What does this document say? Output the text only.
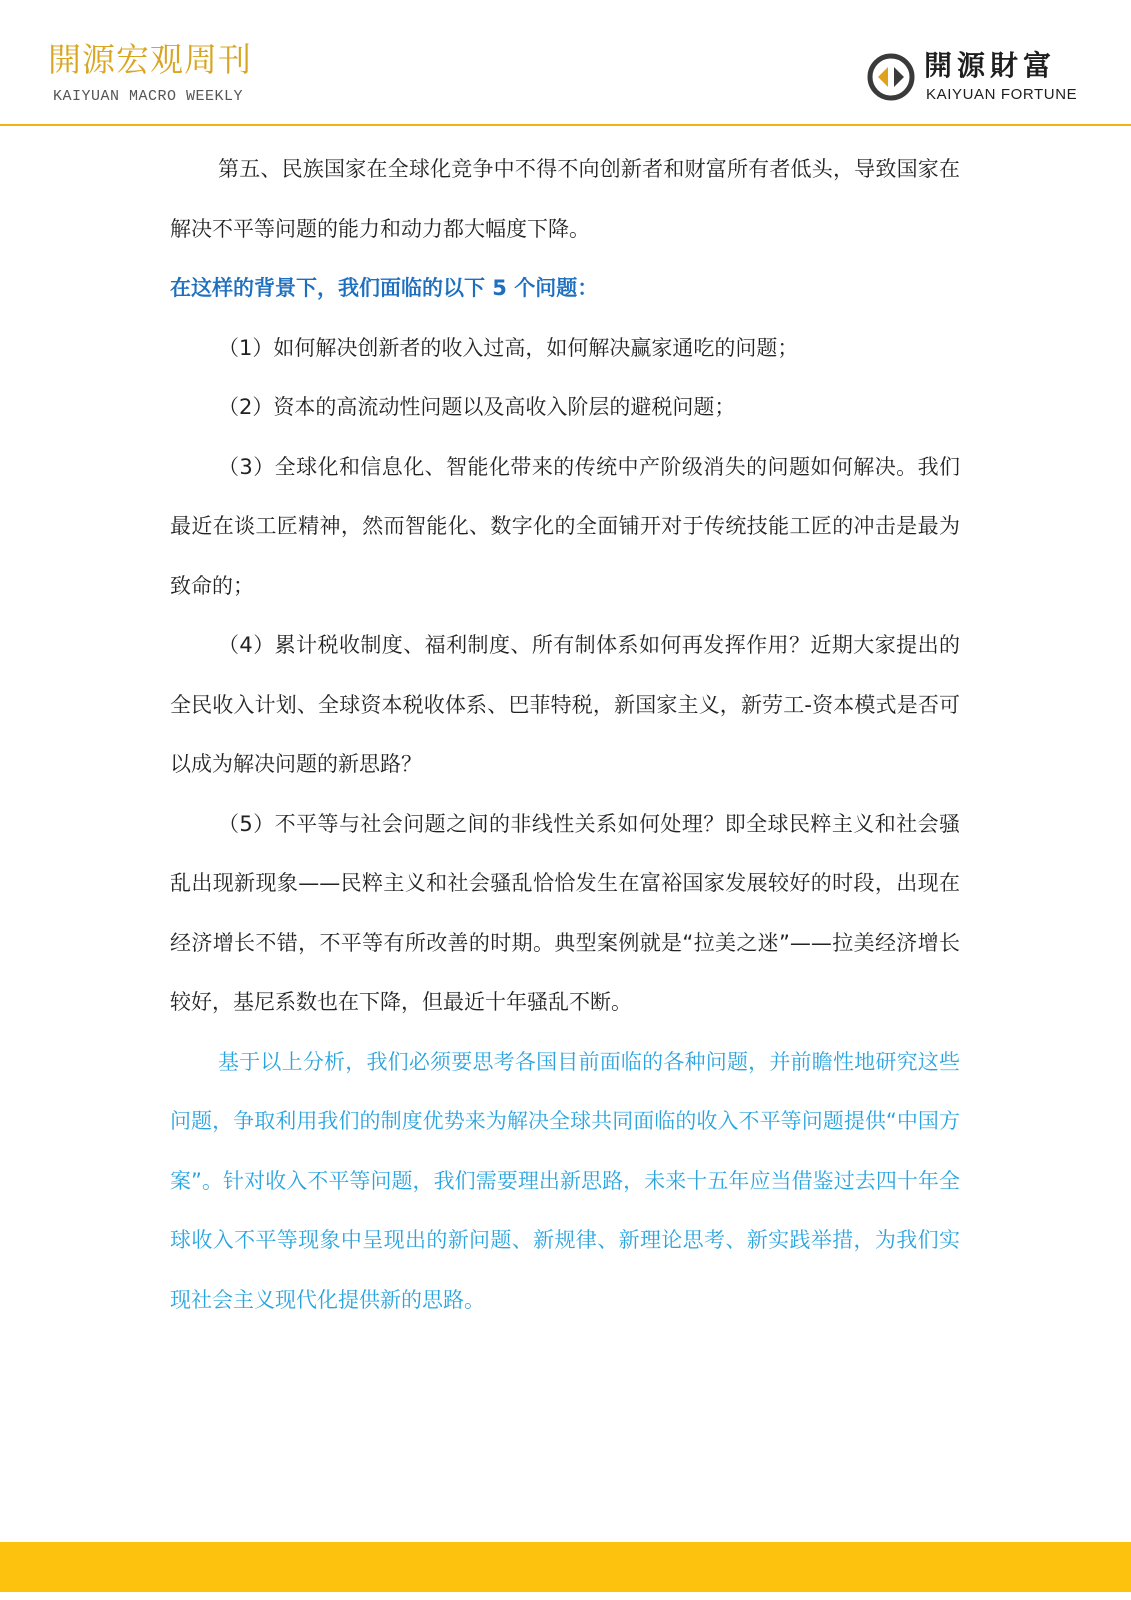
開源宏观周刊
KAIYUAN MACRO WEEKLY
開源財富
KAIYUAN FORTUNE

第五、民族国家在全球化竞争中不得不向创新者和财富所有者低头，导致国家在解决不平等问题的能力和动力都大幅度下降。

在这样的背景下，我们面临的以下 5 个问题：

（1）如何解决创新者的收入过高，如何解决赢家通吃的问题；

（2）资本的高流动性问题以及高收入阶层的避税问题；

（3）全球化和信息化、智能化带来的传统中产阶级消失的问题如何解决。我们最近在谈工匠精神，然而智能化、数字化的全面铺开对于传统技能工匠的冲击是最为致命的；

（4）累计税收制度、福利制度、所有制体系如何再发挥作用？近期大家提出的全民收入计划、全球资本税收体系、巴菲特税，新国家主义，新劳工-资本模式是否可以成为解决问题的新思路？

（5）不平等与社会问题之间的非线性关系如何处理？即全球民粹主义和社会骚乱出现新现象——民粹主义和社会骚乱恰恰发生在富裕国家发展较好的时段，出现在经济增长不错，不平等有所改善的时期。典型案例就是“拉美之迷”——拉美经济增长较好，基尼系数也在下降，但最近十年骚乱不断。

基于以上分析，我们必须要思考各国目前面临的各种问题，并前瞻性地研究这些问题，争取利用我们的制度优势来为解决全球共同面临的收入不平等问题提供“中国方案”。针对收入不平等问题，我们需要理出新思路，未来十五年应当借鉴过去四十年全球收入不平等现象中呈现出的新问题、新规律、新理论思考、新实践举措，为我们实现社会主义现代化提供新的思路。
